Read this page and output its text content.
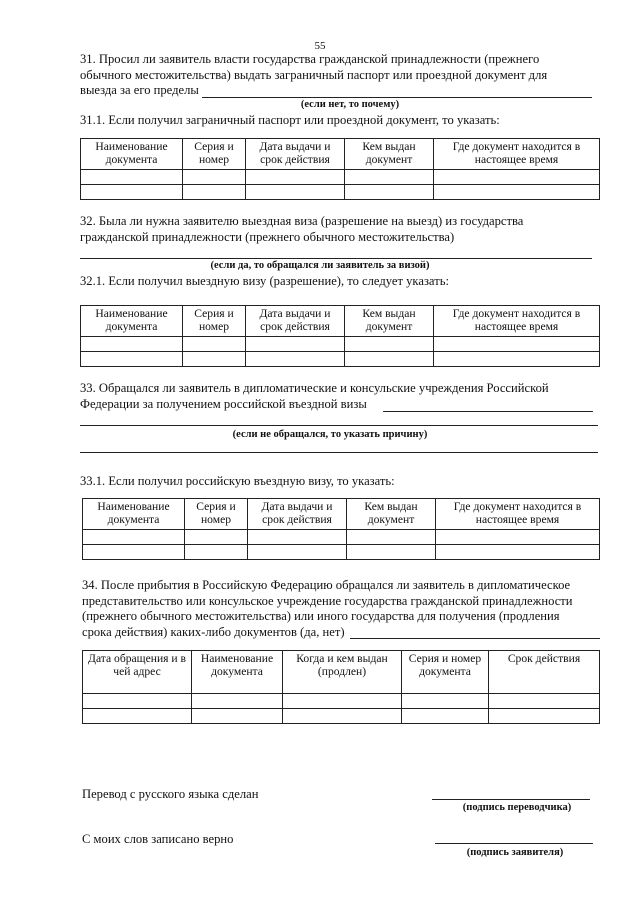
55
31. Просил ли заявитель власти государства гражданской принадлежности (прежнего
обычного местожительства) выдать заграничный паспорт или проездной документ для
выезда за его пределы
(если нет, то почему)
31.1. Если получил заграничный паспорт или проездной документ, то указать:
Наименование документа	Серия и номер	Дата выдачи и срок действия	Кем выдан документ	Где документ находится в настоящее время

32. Была ли нужна заявителю выездная виза (разрешение на выезд) из государства
гражданской принадлежности (прежнего обычного местожительства)
(если да, то обращался ли заявитель за визой)
32.1. Если получил выездную визу (разрешение), то следует указать:
Наименование документа	Серия и номер	Дата выдачи и срок действия	Кем выдан документ	Где документ находится в настоящее время

33. Обращался ли заявитель в дипломатические и консульские учреждения Российской
Федерации за получением российской въездной визы
(если не обращался, то указать причину)
33.1. Если получил российскую въездную визу, то указать:
Наименование документа	Серия и номер	Дата выдачи и срок действия	Кем выдан документ	Где документ находится в настоящее время

34. После прибытия в Российскую Федерацию обращался ли заявитель в дипломатическое
представительство или консульское учреждение государства гражданской принадлежности
(прежнего обычного местожительства) или иного государства для получения (продления
срока действия) каких-либо документов (да, нет)
Дата обращения и в чей адрес	Наименование документа	Когда и кем выдан (продлен)	Серия и номер документа	Срок действия

Перевод с русского языка сделан
(подпись переводчика)
С моих слов записано верно
(подпись заявителя)
